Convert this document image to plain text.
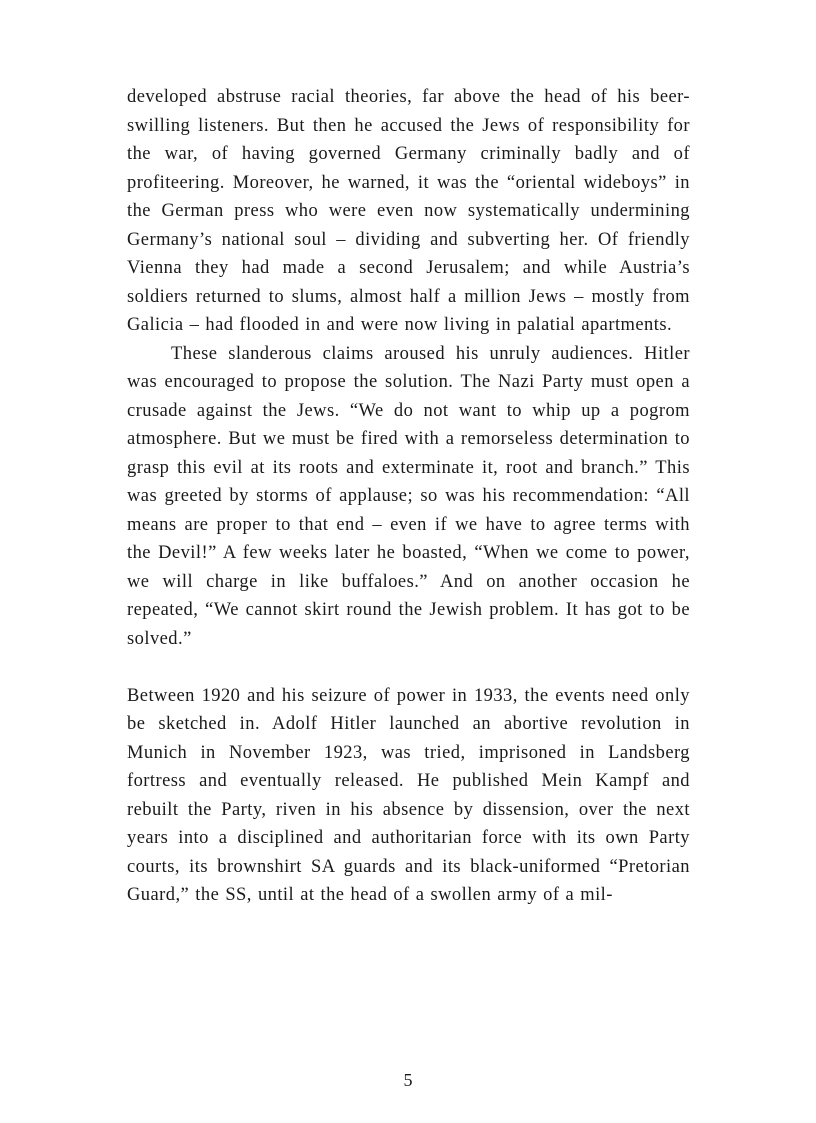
developed abstruse racial theories, far above the head of his beer-swilling listeners. But then he accused the Jews of responsibility for the war, of having governed Germany criminally badly and of profiteering. Moreover, he warned, it was the “oriental wideboys” in the German press who were even now systematically undermining Germany’s national soul – dividing and subverting her. Of friendly Vienna they had made a second Jerusalem; and while Austria’s soldiers returned to slums, almost half a million Jews – mostly from Galicia – had flooded in and were now living in palatial apartments.

These slanderous claims aroused his unruly audiences. Hitler was encouraged to propose the solution. The Nazi Party must open a crusade against the Jews. “We do not want to whip up a pogrom atmosphere. But we must be fired with a remorseless determination to grasp this evil at its roots and exterminate it, root and branch.” This was greeted by storms of applause; so was his recommendation: “All means are proper to that end – even if we have to agree terms with the Devil!” A few weeks later he boasted, “When we come to power, we will charge in like buffaloes.” And on another occasion he repeated, “We cannot skirt round the Jewish problem. It has got to be solved.”

Between 1920 and his seizure of power in 1933, the events need only be sketched in. Adolf Hitler launched an abortive revolution in Munich in November 1923, was tried, imprisoned in Landsberg fortress and eventually released. He published Mein Kampf and rebuilt the Party, riven in his absence by dissension, over the next years into a disciplined and authoritarian force with its own Party courts, its brownshirt SA guards and its black-uniformed “Pretorian Guard,” the SS, until at the head of a swollen army of a mil-

5
